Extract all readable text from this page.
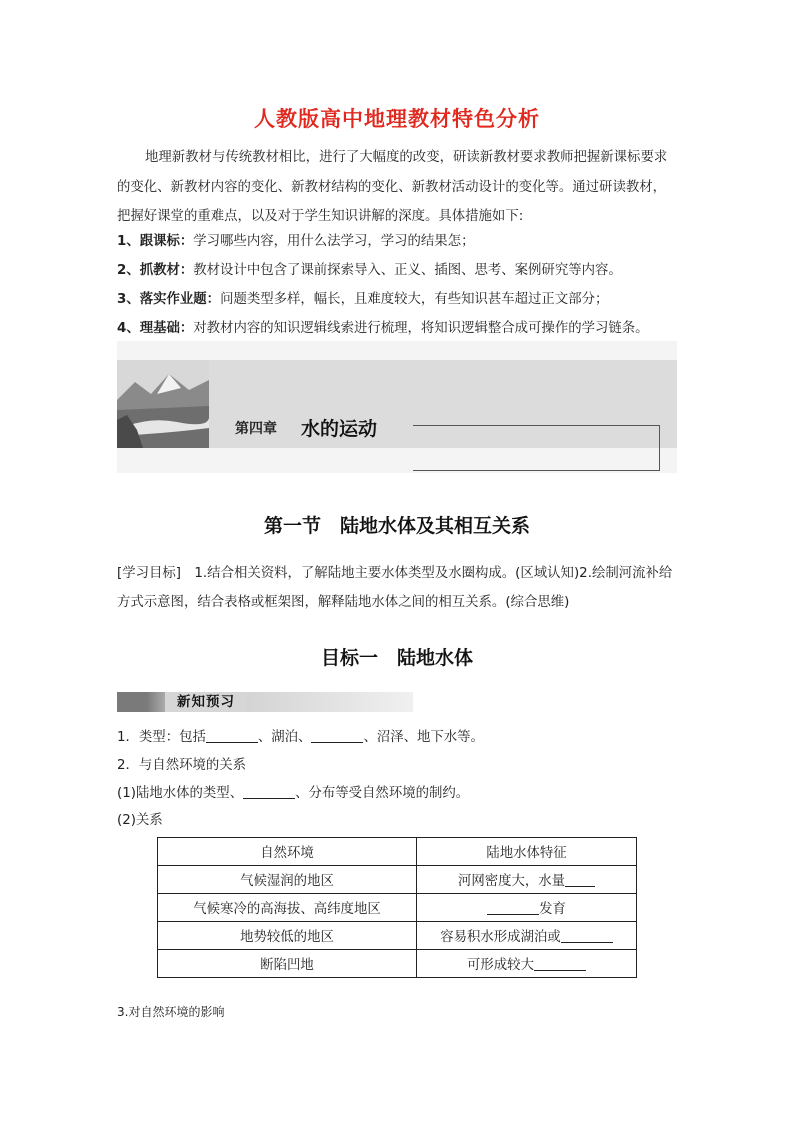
人教版高中地理教材特色分析

地理新教材与传统教材相比，进行了大幅度的改变，研读新教材要求教师把握新课标要求的变化、新教材内容的变化、新教材结构的变化、新教材活动设计的变化等。通过研读教材，把握好课堂的重难点，以及对于学生知识讲解的深度。具体措施如下:

1、跟课标：学习哪些内容，用什么法学习，学习的结果怎；
2、抓教材：教材设计中包含了课前探索导入、正义、插图、思考、案例研究等内容。
3、落实作业题：问题类型多样，幅长，且难度较大，有些知识甚车超过正文部分；
4、理基础：对教材内容的知识逻辑线索进行梳理，将知识逻辑整合成可操作的学习链条。
第四章 水的运动
第一节　陆地水体及其相互关系

[学习目标]　1.结合相关资料，了解陆地主要水体类型及水圈构成。(区域认知)2.绘制河流补给方式示意图，结合表格或框架图，解释陆地水体之间的相互关系。(综合思维)

目标一　陆地水体
新知预习
1．类型：包括	、湖泊、	、沼泽、地下水等。
2．与自然环境的关系
(1)陆地水体的类型、	、分布等受自然环境的制约。
(2)关系
自然环境	陆地水体特征
气候湿润的地区	河网密度大，水量
气候寒冷的高海拔、高纬度地区	发育
地势较低的地区	容易积水形成湖泊或
断陷凹地	可形成较大
3.对自然环境的影响
